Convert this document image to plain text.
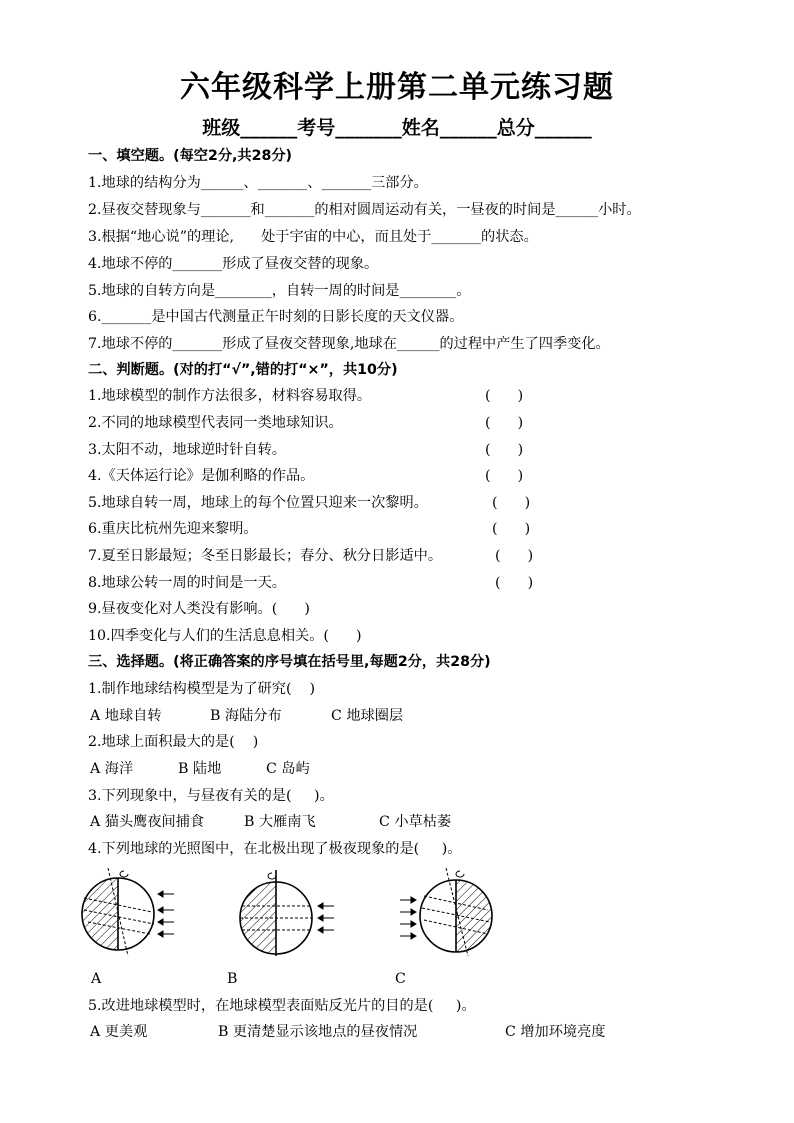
六年级科学上册第二单元练习题
班级______考号_______姓名______总分______
一、填空题。(每空2分,共28分)
1.地球的结构分为______、_______、_______三部分。
2.昼夜交替现象与_______和_______的相对圆周运动有关，一昼夜的时间是______小时。
3.根据“地心说”的理论,      处于宇宙的中心，而且处于_______的状态。
4.地球不停的_______形成了昼夜交替的现象。
5.地球的自转方向是________，自转一周的时间是________。
6._______是中国古代测量正午时刻的日影长度的天文仪器。
7.地球不停的_______形成了昼夜交替现象,地球在______的过程中产生了四季变化。
二、判断题。(对的打“√”,错的打“×”，共10分)
1.地球模型的制作方法很多，材料容易取得。	(      )
2.不同的地球模型代表同一类地球知识。	(      )
3.太阳不动，地球逆时针自转。	(      )
4.《天体运行论》是伽利略的作品。	(      )
5.地球自转一周，地球上的每个位置只迎来一次黎明。	(      )
6.重庆比杭州先迎来黎明。	(      )
7.夏至日影最短；冬至日影最长；春分、秋分日影适中。	(      )
8.地球公转一周的时间是一天。	(      )
9.昼夜变化对人类没有影响。(      )
10.四季变化与人们的生活息息相关。(      )
三、选择题。(将正确答案的序号填在括号里,每题2分，共28分)
1.制作地球结构模型是为了研究(    )
A 地球自转	B 海陆分布	C 地球圈层
2.地球上面积最大的是(    )
A 海洋	B 陆地	C 岛屿
3.下列现象中，与昼夜有关的是(     )。
A 猫头鹰夜间捕食	B 大雁南飞	C 小草枯萎
4.下列地球的光照图中，在北极出现了极夜现象的是(     )。
A	B	C
5.改进地球模型时，在地球模型表面贴反光片的目的是(     )。
A 更美观	B 更清楚显示该地点的昼夜情况	C 增加环境亮度
